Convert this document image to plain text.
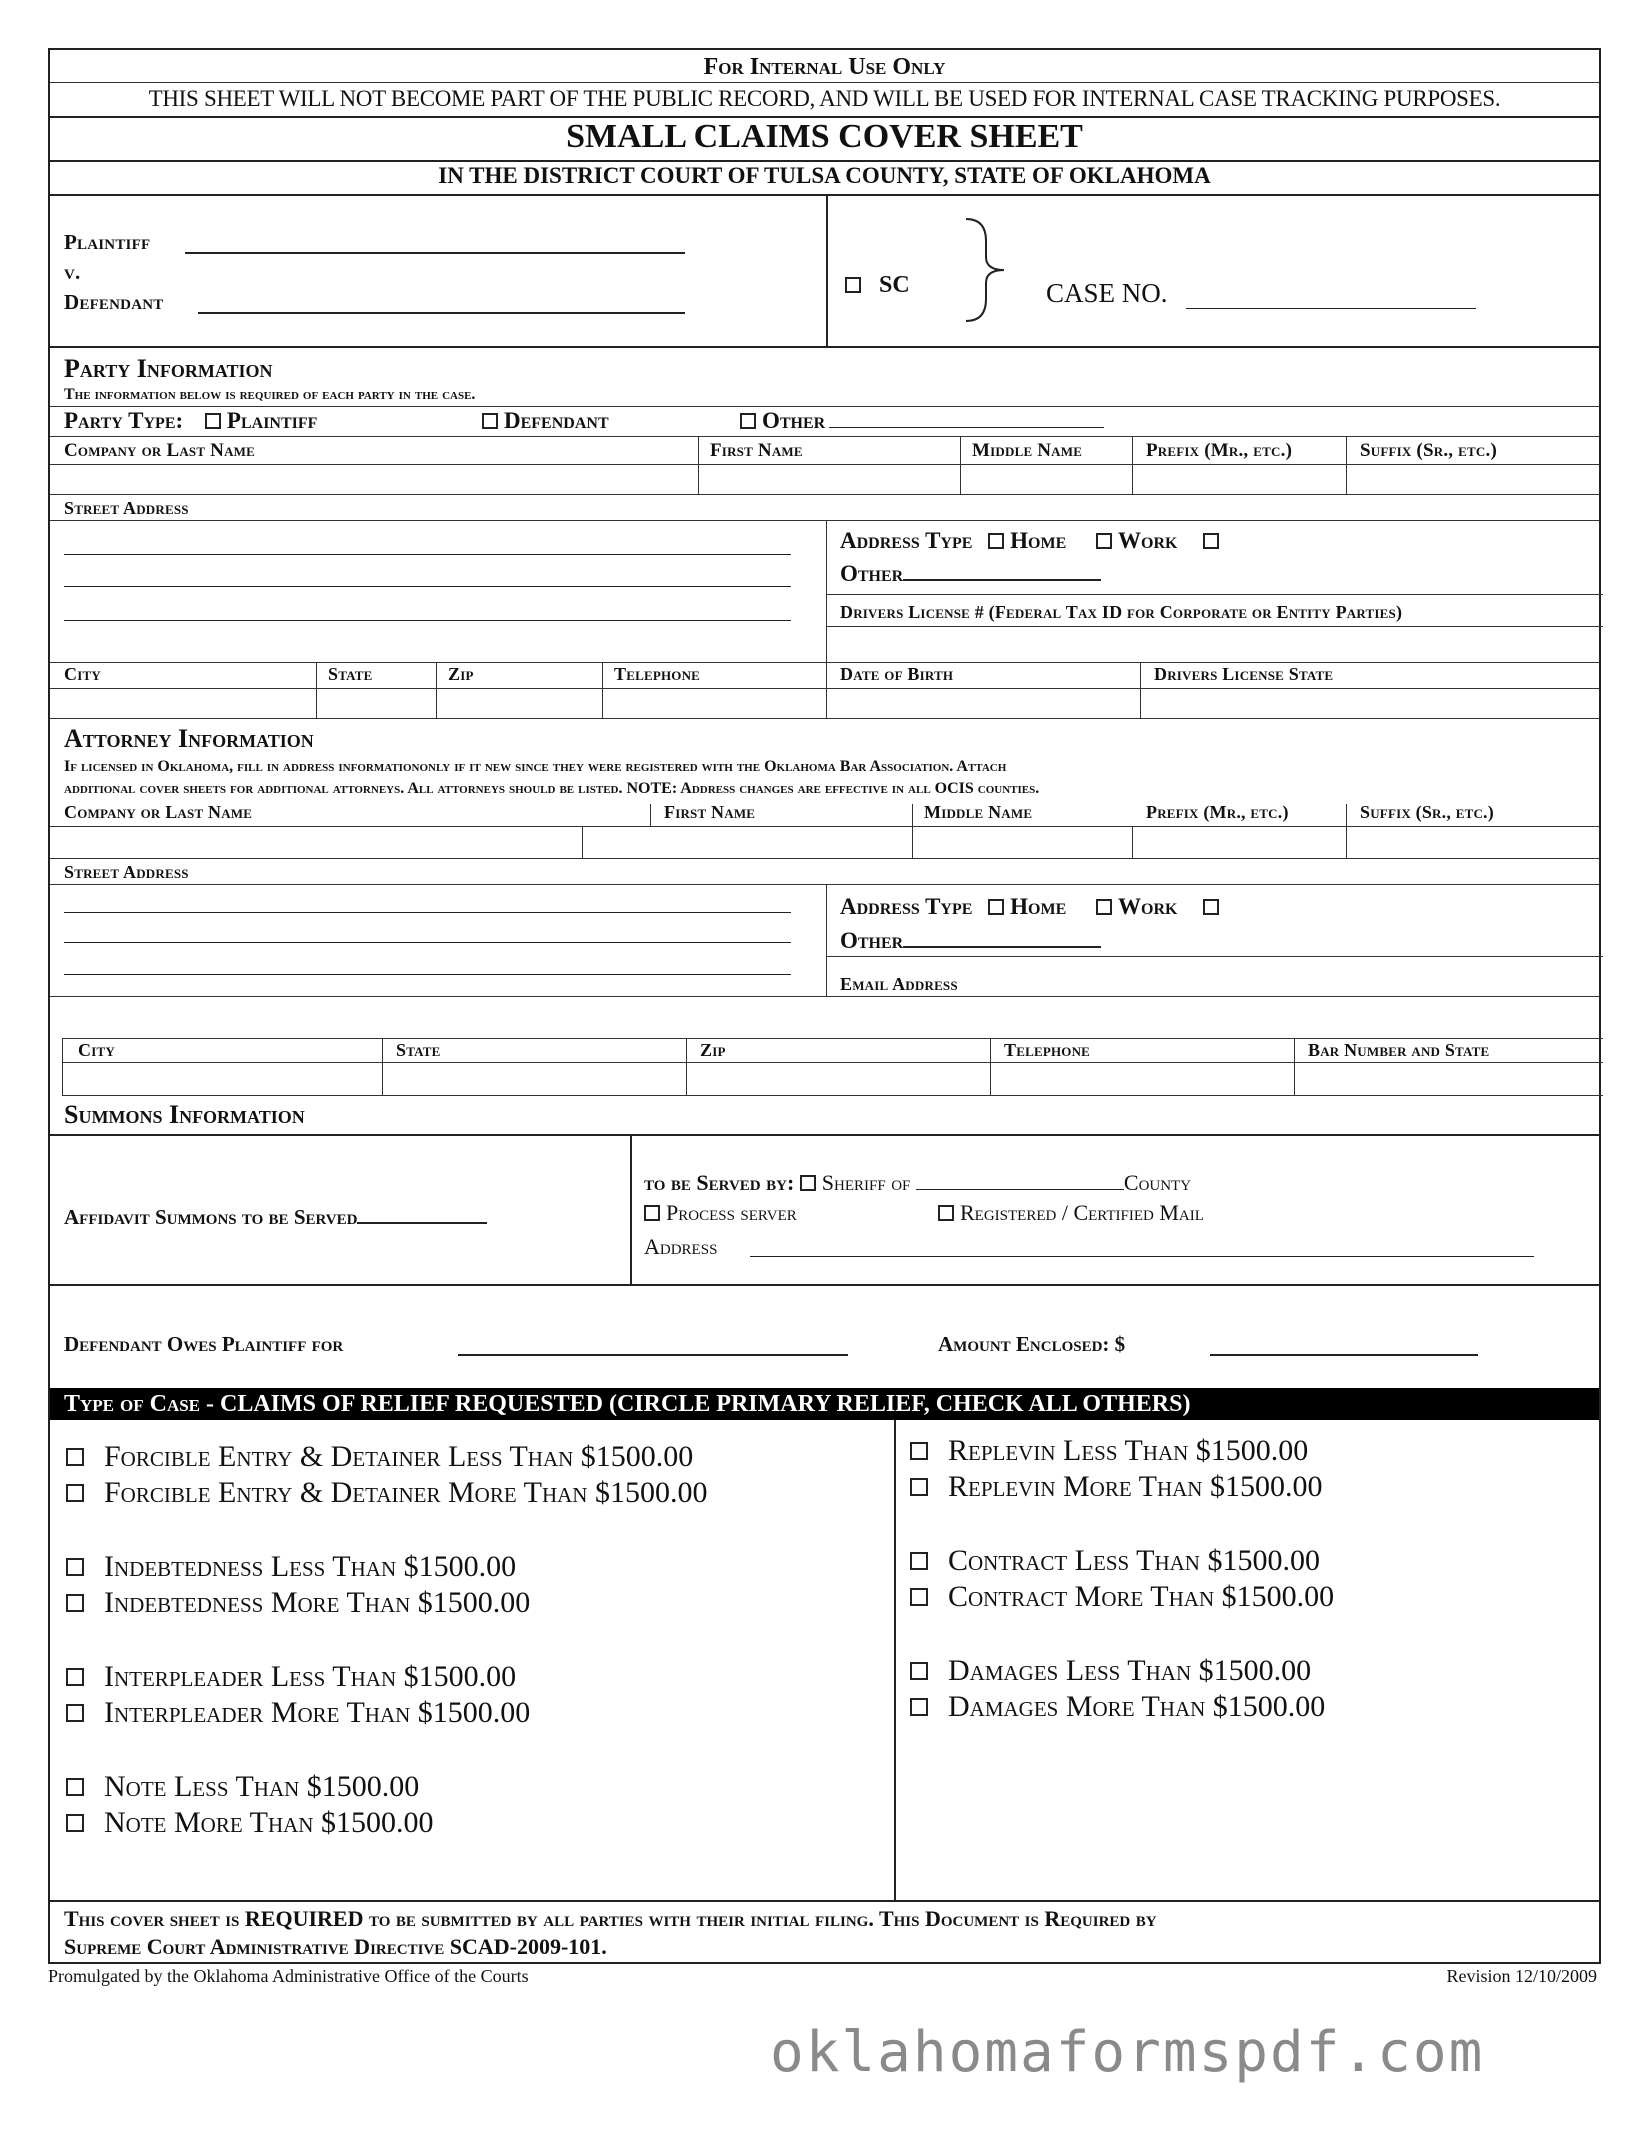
For Internal Use Only
THIS SHEET WILL NOT BECOME PART OF THE PUBLIC RECORD, AND WILL BE USED FOR INTERNAL CASE TRACKING PURPOSES.
SMALL CLAIMS COVER SHEET
IN THE DISTRICT COURT OF TULSA COUNTY, STATE OF OKLAHOMA
Plaintiff
v.
Defendant
SC	CASE NO.
Party Information
The information below is required of each party in the case.
Party Type: Plaintiff	Defendant	Other
Company or Last Name	First Name	Middle Name	Prefix (Mr., etc.)	Suffix (Sr., etc.)
Street Address
Address Type Home Work
Other
Drivers License # (Federal Tax ID for Corporate or Entity Parties)
City	State	Zip	Telephone	Date of Birth	Drivers License State
Attorney Information
If licensed in Oklahoma, fill in address informationonly if it new since they were registered with the Oklahoma Bar Association. Attach
additional cover sheets for additional attorneys. All attorneys should be listed. NOTE: Address changes are effective in all OCIS counties.
Company or Last Name	First Name	Middle Name	Prefix (Mr., etc.)	Suffix (Sr., etc.)
Street Address
Address Type Home Work
Other
Email Address
City	State	Zip	Telephone	Bar Number and State
Summons Information
Affidavit Summons to be Served
to be Served by: Sheriff of	County
Process server	Registered / Certified Mail
Address
Defendant Owes Plaintiff for	Amount Enclosed: $
Type of Case - CLAIMS OF RELIEF REQUESTED (CIRCLE PRIMARY RELIEF, CHECK ALL OTHERS)
Forcible Entry & Detainer Less Than $1500.00
Forcible Entry & Detainer More Than $1500.00
Indebtedness Less Than $1500.00
Indebtedness More Than $1500.00
Interpleader Less Than $1500.00
Interpleader More Than $1500.00
Note Less Than $1500.00
Note More Than $1500.00
Replevin Less Than $1500.00
Replevin More Than $1500.00
Contract Less Than $1500.00
Contract More Than $1500.00
Damages Less Than $1500.00
Damages More Than $1500.00
This cover sheet is REQUIRED to be submitted by all parties with their initial filing. This Document is Required by
Supreme Court Administrative Directive SCAD-2009-101.
Promulgated by the Oklahoma Administrative Office of the Courts	Revision 12/10/2009
oklahomaformspdf.com
